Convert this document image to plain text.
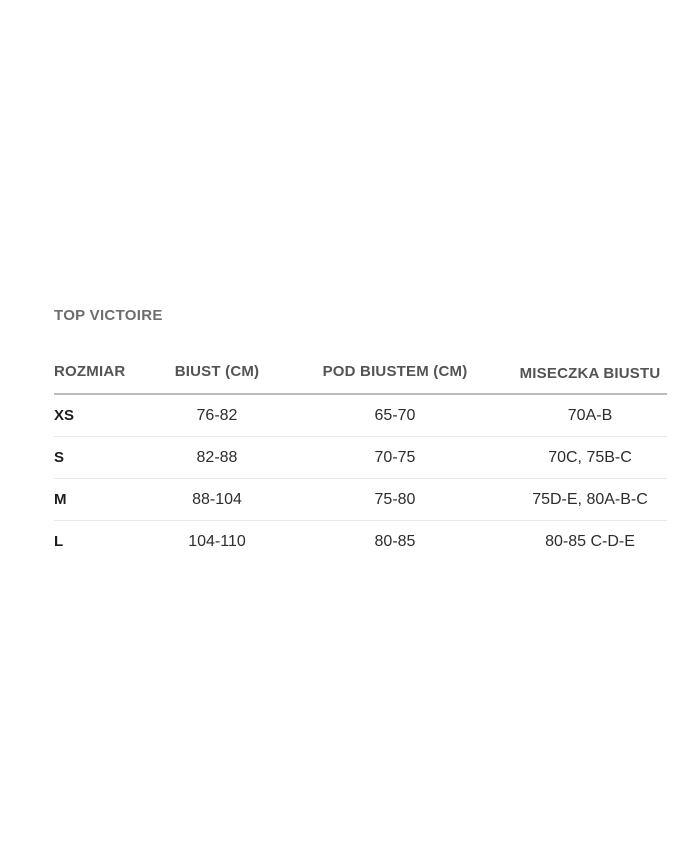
TOP VICTOIRE
ROZMIAR	BIUST (CM)	POD BIUSTEM (CM)	MISECZKA BIUSTU
XS	76-82	65-70	70A-B
S	82-88	70-75	70C, 75B-C
M	88-104	75-80	75D-E, 80A-B-C
L	104-110	80-85	80-85 C-D-E
